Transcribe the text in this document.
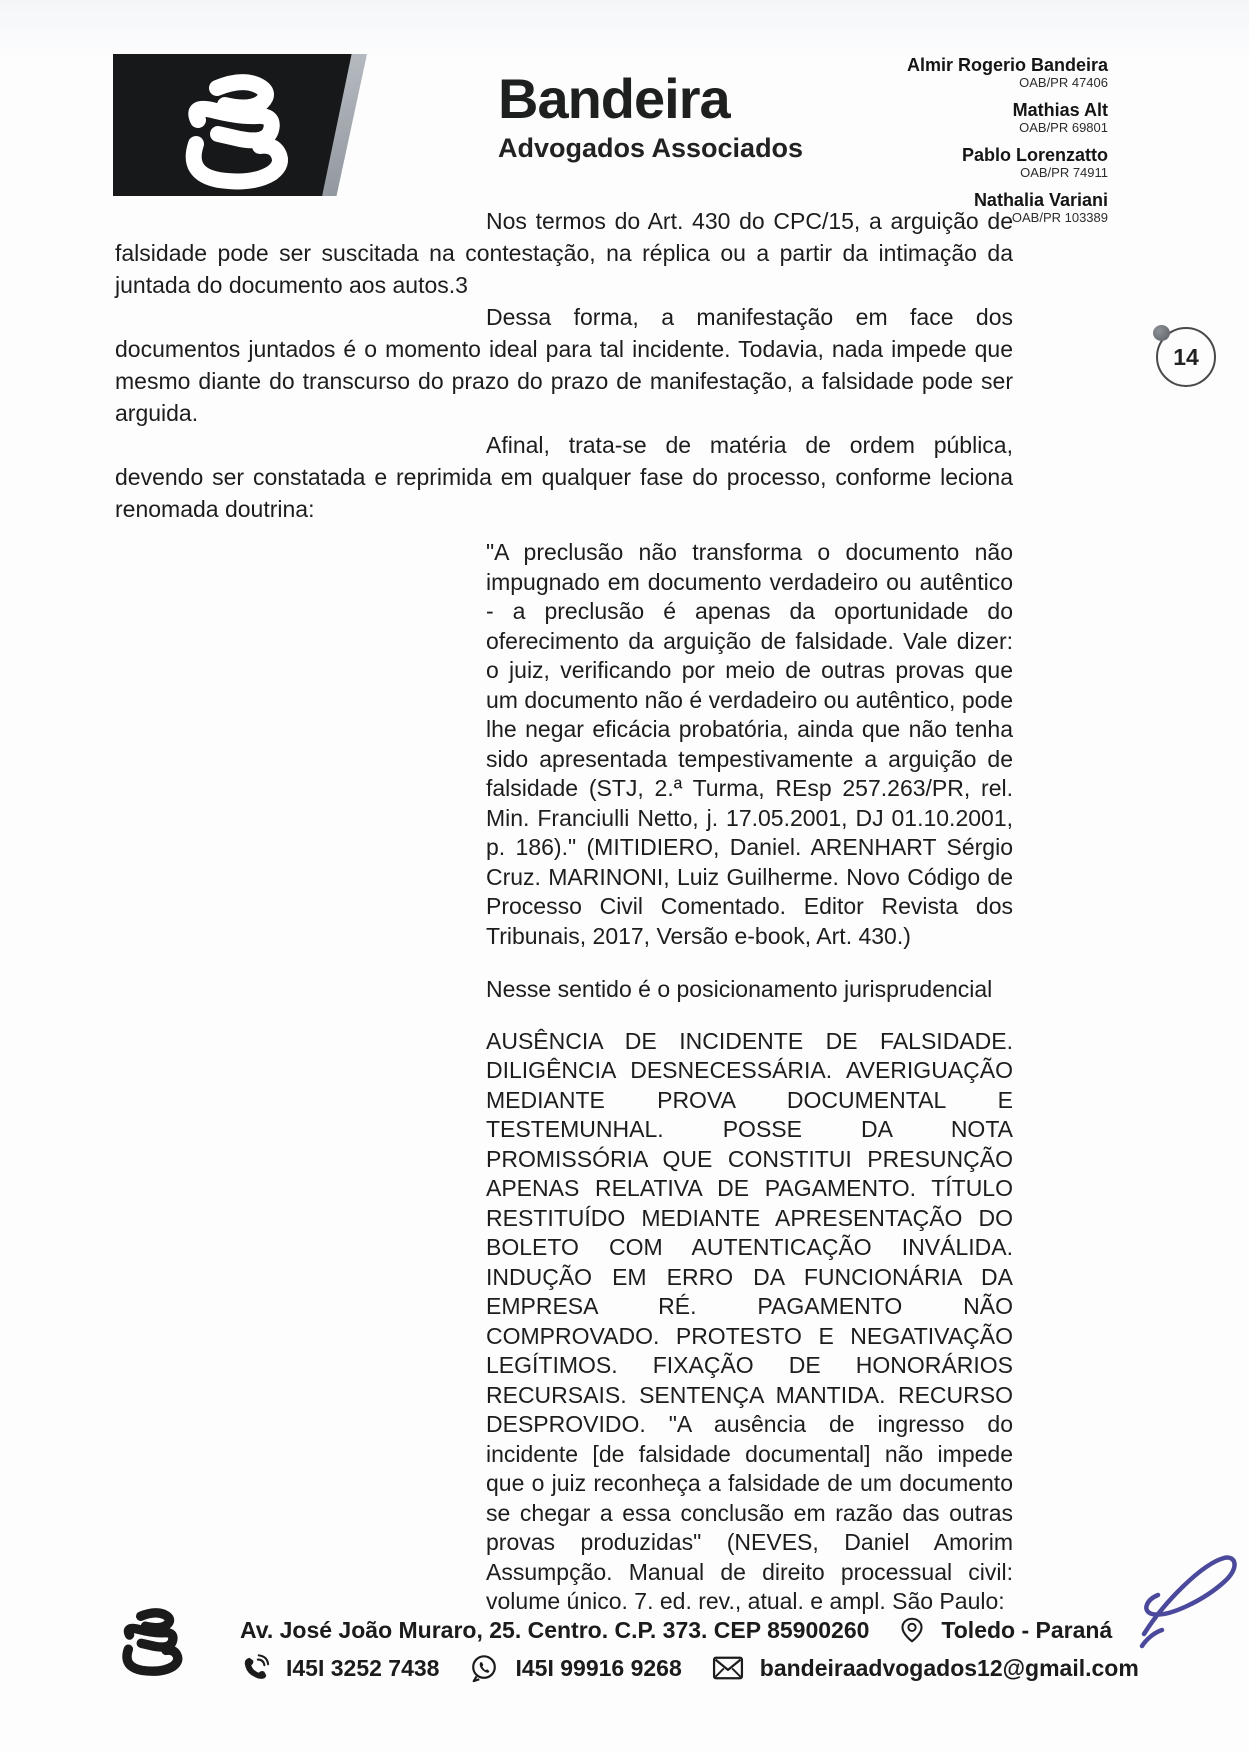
Bandeira
Advogados Associados
Almir Rogerio Bandeira
OAB/PR 47406
Mathias Alt
OAB/PR 69801
Pablo Lorenzatto
OAB/PR 74911
Nathalia Variani
OAB/PR 103389
14
Nos termos do Art. 430 do CPC/15, a arguição de
falsidade pode ser suscitada na contestação, na réplica ou a partir da intimação da
juntada do documento aos autos.3
Dessa forma, a manifestação em face dos
documentos juntados é o momento ideal para tal incidente. Todavia, nada impede que
mesmo diante do transcurso do prazo do prazo de manifestação, a falsidade pode ser
arguida.
Afinal, trata-se de matéria de ordem pública,
devendo ser constatada e reprimida em qualquer fase do processo, conforme leciona
renomada doutrina:
"A preclusão não transforma o documento não
impugnado em documento verdadeiro ou autêntico
- a preclusão é apenas da oportunidade do
oferecimento da arguição de falsidade. Vale dizer:
o juiz, verificando por meio de outras provas que
um documento não é verdadeiro ou autêntico, pode
lhe negar eficácia probatória, ainda que não tenha
sido apresentada tempestivamente a arguição de
falsidade (STJ, 2.ª Turma, REsp 257.263/PR, rel.
Min. Franciulli Netto, j. 17.05.2001, DJ 01.10.2001,
p. 186)." (MITIDIERO, Daniel. ARENHART Sérgio
Cruz. MARINONI, Luiz Guilherme. Novo Código de
Processo Civil Comentado. Editor Revista dos
Tribunais, 2017, Versão e-book, Art. 430.)
Nesse sentido é o posicionamento jurisprudencial
AUSÊNCIA DE INCIDENTE DE FALSIDADE.
DILIGÊNCIA DESNECESSÁRIA. AVERIGUAÇÃO
MEDIANTE PROVA DOCUMENTAL E
TESTEMUNHAL. POSSE DA NOTA
PROMISSÓRIA QUE CONSTITUI PRESUNÇÃO
APENAS RELATIVA DE PAGAMENTO. TÍTULO
RESTITUÍDO MEDIANTE APRESENTAÇÃO DO
BOLETO COM AUTENTICAÇÃO INVÁLIDA.
INDUÇÃO EM ERRO DA FUNCIONÁRIA DA
EMPRESA RÉ. PAGAMENTO NÃO
COMPROVADO. PROTESTO E NEGATIVAÇÃO
LEGÍTIMOS. FIXAÇÃO DE HONORÁRIOS
RECURSAIS. SENTENÇA MANTIDA. RECURSO
DESPROVIDO. "A ausência de ingresso do
incidente [de falsidade documental] não impede
que o juiz reconheça a falsidade de um documento
se chegar a essa conclusão em razão das outras
provas produzidas" (NEVES, Daniel Amorim
Assumpção. Manual de direito processual civil:
volume único. 7. ed. rev., atual. e ampl. São Paulo:
Av. José João Muraro, 25. Centro. C.P. 373. CEP 85900260	Toledo - Paraná
I45I 3252 7438	I45I 99916 9268	bandeiraadvogados12@gmail.com
